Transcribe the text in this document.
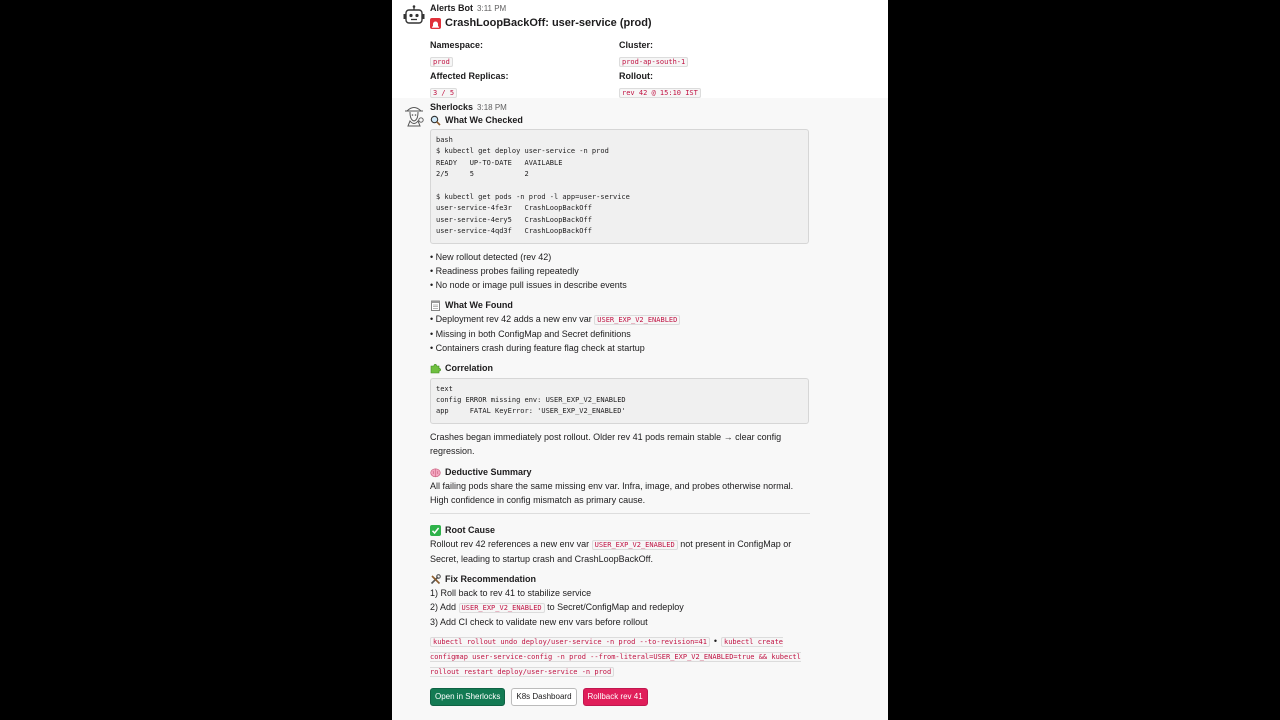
Alerts Bot 3:11 PM
CrashLoopBackOff: user-service (prod)
Namespace:
prod
Cluster:
prod-ap-south-1
Affected Replicas:
3 / 5
Rollout:
rev 42 @ 15:10 IST
Sherlocks 3:18 PM
What We Checked
bash
$ kubectl get deploy user-service -n prod
READY   UP-TO-DATE   AVAILABLE
2/5     5            2

$ kubectl get pods -n prod -l app=user-service
user-service-4fe3r   CrashLoopBackOff
user-service-4ery5   CrashLoopBackOff
user-service-4qd3f   CrashLoopBackOff
• New rollout detected (rev 42)
• Readiness probes failing repeatedly
• No node or image pull issues in describe events
What We Found
• Deployment rev 42 adds a new env var USER_EXP_V2_ENABLED
• Missing in both ConfigMap and Secret definitions
• Containers crash during feature flag check at startup
Correlation
text
config ERROR missing env: USER_EXP_V2_ENABLED
app     FATAL KeyError: 'USER_EXP_V2_ENABLED'
Crashes began immediately post rollout. Older rev 41 pods remain stable → clear config regression.
Deductive Summary
All failing pods share the same missing env var. Infra, image, and probes otherwise normal. High confidence in config mismatch as primary cause.
Root Cause
Rollout rev 42 references a new env var USER_EXP_V2_ENABLED not present in ConfigMap or Secret, leading to startup crash and CrashLoopBackOff.
Fix Recommendation
1) Roll back to rev 41 to stabilize service
2) Add USER_EXP_V2_ENABLED to Secret/ConfigMap and redeploy
3) Add CI check to validate new env vars before rollout
kubectl rollout undo deploy/user-service -n prod --to-revision=41 • kubectl create configmap user-service-config -n prod --from-literal=USER_EXP_V2_ENABLED=true && kubectl rollout restart deploy/user-service -n prod
Open in Sherlocks	K8s Dashboard	Rollback rev 41
